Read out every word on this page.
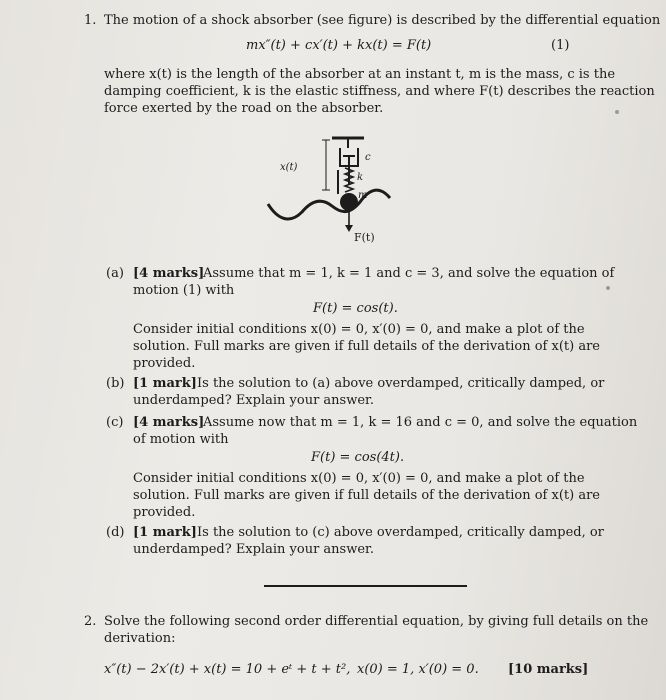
1. The motion of a shock absorber (see figure) is described by the differential equation
mx″(t) + cx′(t) + kx(t) = F(t)	(1)
where x(t) is the length of the absorber at an instant t, m is the mass, c is the
damping coefficient, k is the elastic stiffness, and where F(t) describes the reaction
force exerted by the road on the absorber.
x(t)
c
k
m
F(t)
(a) [4 marks]
Assume that m = 1, k = 1 and c = 3, and solve the equation of
motion (1) with
F(t) = cos(t).
Consider initial conditions x(0) = 0, x′(0) = 0, and make a plot of the
solution. Full marks are given if full details of the derivation of x(t) are
provided.
(b) [1 mark] Is the solution to (a) above overdamped, critically damped, or
underdamped? Explain your answer.
(c) [4 marks]
Assume now that m = 1, k = 16 and c = 0, and solve the equation
of motion with
F(t) = cos(4t).
Consider initial conditions x(0) = 0, x′(0) = 0, and make a plot of the
solution. Full marks are given if full details of the derivation of x(t) are
provided.
(d) [1 mark] Is the solution to (c) above overdamped, critically damped, or
underdamped? Explain your answer.
2. Solve the following second order differential equation, by giving full details on the
derivation:
x″(t) − 2x′(t) + x(t) = 10 + eᵗ + t + t², x(0) = 1, x′(0) = 0. [10 marks]
